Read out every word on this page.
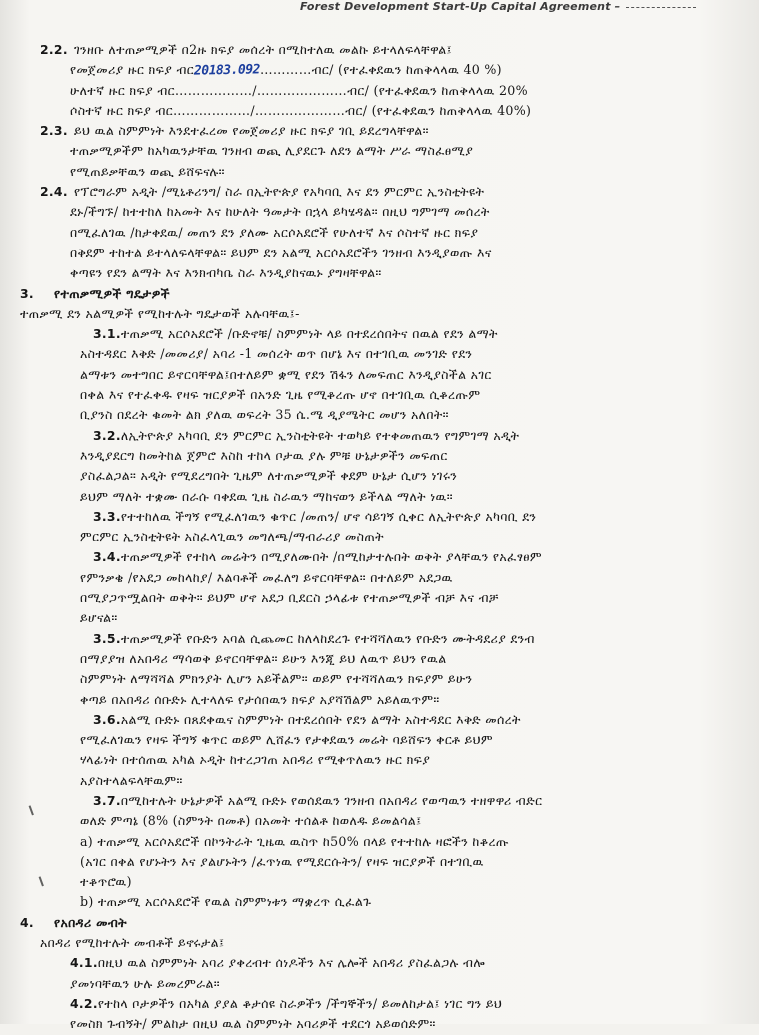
Forest Development Start-Up Capital Agreement –
2.2. ገንዘቡ ለተጠቃሚዎች በ2ዙ ክፍያ መሰረት በሚከተለዉ መልኩ ይተላለፍላቸዋል፤
የመጀመሪያ ዙር ክፍያ ብር20183.092…………ብር/ (የተፈቀደዉን ከጠቅላላዉ 40 %)
ሁለተኛ ዙር ክፍያ ብር………………/…………………ብር/ (የተፈቀደዉን ከጠቅላላዉ 20%
ሶስተኛ ዙር ክፍያ ብር………………/…………………ብር/ (የተፈቀደዉን ከጠቅላላዉ 40%)
2.3. ይህ ዉል ስምምነት እንደተፈረመ የመጀመሪያ ዙር ክፍያ ገቢ ይደረግላቸዋል።
ተጠቃሚዎችም ከአካዉንታቸዉ ገንዘብ ወጪ ሊያደርጉ ለደን ልማት ሥራ ማስፈፀሚያ
የሚጠይቃቸዉን ወጪ ይሸፍናሉ።
2.4. የፕሮግራም አዲት /ሚኒቶሪንግ/ ስራ በኢትዮጵያ የአካባቢ እና ደን ምርምር ኢንስቲትዩት
ደኑ/ችግኙ/ ከተተከለ ከአመት እና ከሁለት ዓመታት በኋላ ይካሄዳል። በዚህ ግምገማ መሰረት
በሚፈለገዉ /ከታቀደዉ/ መጠን ደን ያለሙ አርሶአደሮች የሁለተኛ እና ሶስተኛ ዙር ክፍያ
በቅደም ተከተል ይተላለፍላቸዋል። ይህም ደን አልሚ አርሶአደሮችን ገንዘብ እንዲያወጡ እና
ቀጣዩን የደን ልማት እና እንክብካቤ ስራ እንዲያከናዉኑ ያግዛቸዋል።
3. የተጠቃሚዎች ግዴታዎች
ተጠቃሚ ደን አልሚዎች የሚከተሉት ግዴታወች አሉባቸዉ፤-
3.1.ተጠቃሚ አርሶአደሮች /ቡድኖቹ/ ስምምነት ላይ በተደረሰበትና በዉል የደን ልማት
አስተዳደር እቅድ /መመሪያ/ አባሪ -1 መሰረት ወጥ በሆኔ እና በተገቢዉ መንገድ የደን
ልማቱን መተግበር ይኖርባቸዋል፤በተለይም ቋሚ የደን ሽፋን ለመፍጠር እንዲያስችል አገር
በቀል እና የተፈቀዱ የዛፍ ዝርያዎች በአንድ ጊዜ የሚቆረጡ ሆኖ በተገቢዉ ሲቆረጡም
ቢያንስ በደረት ቁመት ልክ ያለዉ ወፍረት 35 ሴ.ሜ ዲያሜትር መሆን አለበት።
3.2.ለኢትዮጵያ አካባቢ ደን ምርምር ኢንስቲትዩት ተወካይ የተቀመጠዉን የግምገማ አዲት
እንዲያደርግ ከመትከል ጀምሮ እስከ ተከላ ቦታዉ ያሉ ምቹ ሁኔታዎችን መፍጠር
ያስፈልጋል። አዲት የሚደረግበት ጊዜም ለተጠቃሚዎች ቀደም ሁኔታ ሲሆን ነገሩን
ይህም ማለት ተቋሙ በራሱ ባቀደዉ ጊዜ ስራዉን ማከናወን ይችላል ማለት ነዉ።
3.3.የተተከለዉ ችግኝ የሚፈለገዉን ቁጥር /መጠን/ ሆኖ ሳይገኝ ሲቀር ለኢትዮጵያ አካባቢ ደን
ምርምር ኢንስቲትዩት አስፈላጊዉን መግለጫ/ማብራሪያ መስጠት
3.4.ተጠቃሚዎች የተከላ መሬትን በሚያለሙበት /በሚከታተሉበት ወቅት ያላቸዉን የአፈፃፀም
የምንቃቄ /የአደጋ መከላከያ/ እልባቶች መፈለግ ይኖርባቸዋል። በተለይም አደጋዉ
በሚያጋጥሟልበት ወቅት። ይህም ሆኖ አደጋ ቢደርስ ኃላፊቱ የተጠቃሚዎች ብቻ እና ብቻ
ይሆናል።
3.5.ተጠቃሚዎች የቡድን አባል ሲጨመር ከለላከደረጉ የተሻሻለዉን የቡድን ሙትዳደሪያ ደንብ
በማያያዝ ለአበዳሪ ማሳወቅ ይኖርባቸዋል። ይሁን እንጂ ይህ ለዉጥ ይህን የዉል
ስምምነት ለማሻሻል ምክንያት ሊሆን አይችልም። ወይም የተሻሻለዉን ክፍያም ይሁን
ቀጣይ በአበዳሪ ሰቡድኑ ሊተላለፍ የታሰበዉን ክፍያ አያሻሽልም አይለዉጥም።
3.6.አልሚ ቡድኑ በጸደቀዉና ስምምነት በተደረሰበት የደን ልማት አስተዳደር እቅድ መሰረት
የሚፈለገዉን የዛፍ ችግኝ ቁጥር ወይም ሊሸፈን የታቀደዉን መሬት ባይሸፍን ቀርቶ ይህም
ሃላፊነት በተሰጠዉ አካል ኦዲት ከተረጋገጠ አበዳሪ የሚቀጥለዉን ዙር ክፍያ
አያስተላልፍላቸዉም።
3.7.በሚከተሉት ሁኔታዎች አልሚ ቡድኑ የወሰደዉን ገንዘብ በአበዳሪ የወጣዉን ተዘዋዋሪ ብድር
ወለድ ምጣኔ (8% (ስምንት በመቶ) በአመት ተሰልቶ ከወለዱ ይመልሳል፤
a) ተጠቃሚ አርሶአደሮች በኮንትራት ጊዜዉ ዉስጥ ከ50% በላይ የተተከሉ ዛፎችን ከቆረጡ
(አገር በቀል የሆኑትን እና ያልሆኑትን /ፈጥነዉ የሚደርሱትን/ የዛፍ ዝርያዎች በተገቢዉ
ተቆጥሮዉ)
b) ተጠቃሚ አርሶአደሮች የዉል ስምምነቱን ማቋረጥ ሲፈልጉ
4. የአበዳሪ መብት
አበዳሪ የሚከተሉት መብቶች ይኖሩታል፤
4.1.በዚህ ዉል ስምምነት አባሪ ያቀረብተ ሰነዶችን እና ሌሎች አበዳሪ ያስፈልጋሉ ብሎ
ያመነባቸዉን ሁሉ ይመረምራል።
4.2.የተከላ ቦታዎችን በአካል ያያል ቆታሰዩ ስራዎችን /ችግኞችን/ ይመለከታል፤ ነገር ግን ይህ
የመስክ ጉብኝት/ ምልከታ በዚህ ዉል ስምምነት አባሪዎች ተደርጎ አይወሰድም።
